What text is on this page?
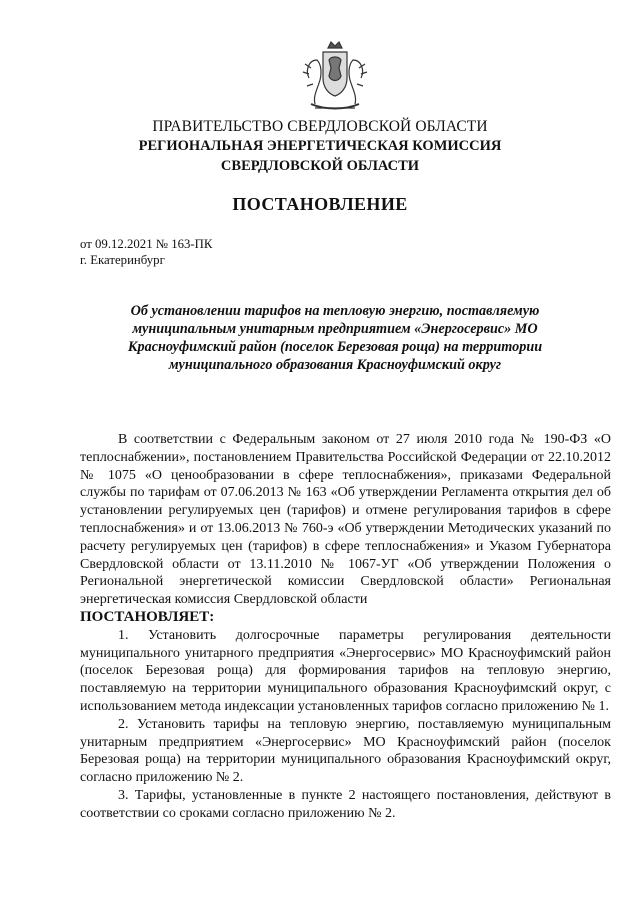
ПРАВИТЕЛЬСТВО СВЕРДЛОВСКОЙ ОБЛАСТИ
РЕГИОНАЛЬНАЯ ЭНЕРГЕТИЧЕСКАЯ КОМИССИЯ
СВЕРДЛОВСКОЙ ОБЛАСТИ
ПОСТАНОВЛЕНИЕ
от 09.12.2021 № 163-ПК
г. Екатеринбург
Об установлении тарифов на тепловую энергию, поставляемую муниципальным унитарным предприятием «Энергосервис» МО Красноуфимский район (поселок Березовая роща) на территории муниципального образования Красноуфимский округ

В соответствии с Федеральным законом от 27 июля 2010 года № 190-ФЗ «О теплоснабжении», постановлением Правительства Российской Федерации от 22.10.2012 № 1075 «О ценообразовании в сфере теплоснабжения», приказами Федеральной службы по тарифам от 07.06.2013 № 163 «Об утверждении Регламента открытия дел об установлении регулируемых цен (тарифов) и отмене регулирования тарифов в сфере теплоснабжения» и от 13.06.2013 № 760-э «Об утверждении Методических указаний по расчету регулируемых цен (тарифов) в сфере теплоснабжения» и Указом Губернатора Свердловской области от 13.11.2010 № 1067-УГ «Об утверждении Положения о Региональной энергетической комиссии Свердловской области» Региональная энергетическая комиссия Свердловской области

ПОСТАНОВЛЯЕТ:

1. Установить долгосрочные параметры регулирования деятельности муниципального унитарного предприятия «Энергосервис» МО Красноуфимский район (поселок Березовая роща) для формирования тарифов на тепловую энергию, поставляемую на территории муниципального образования Красноуфимский округ, с использованием метода индексации установленных тарифов согласно приложению № 1.

2. Установить тарифы на тепловую энергию, поставляемую муниципальным унитарным предприятием «Энергосервис» МО Красноуфимский район (поселок Березовая роща) на территории муниципального образования Красноуфимский округ, согласно приложению № 2.

3. Тарифы, установленные в пункте 2 настоящего постановления, действуют в соответствии со сроками согласно приложению № 2.
